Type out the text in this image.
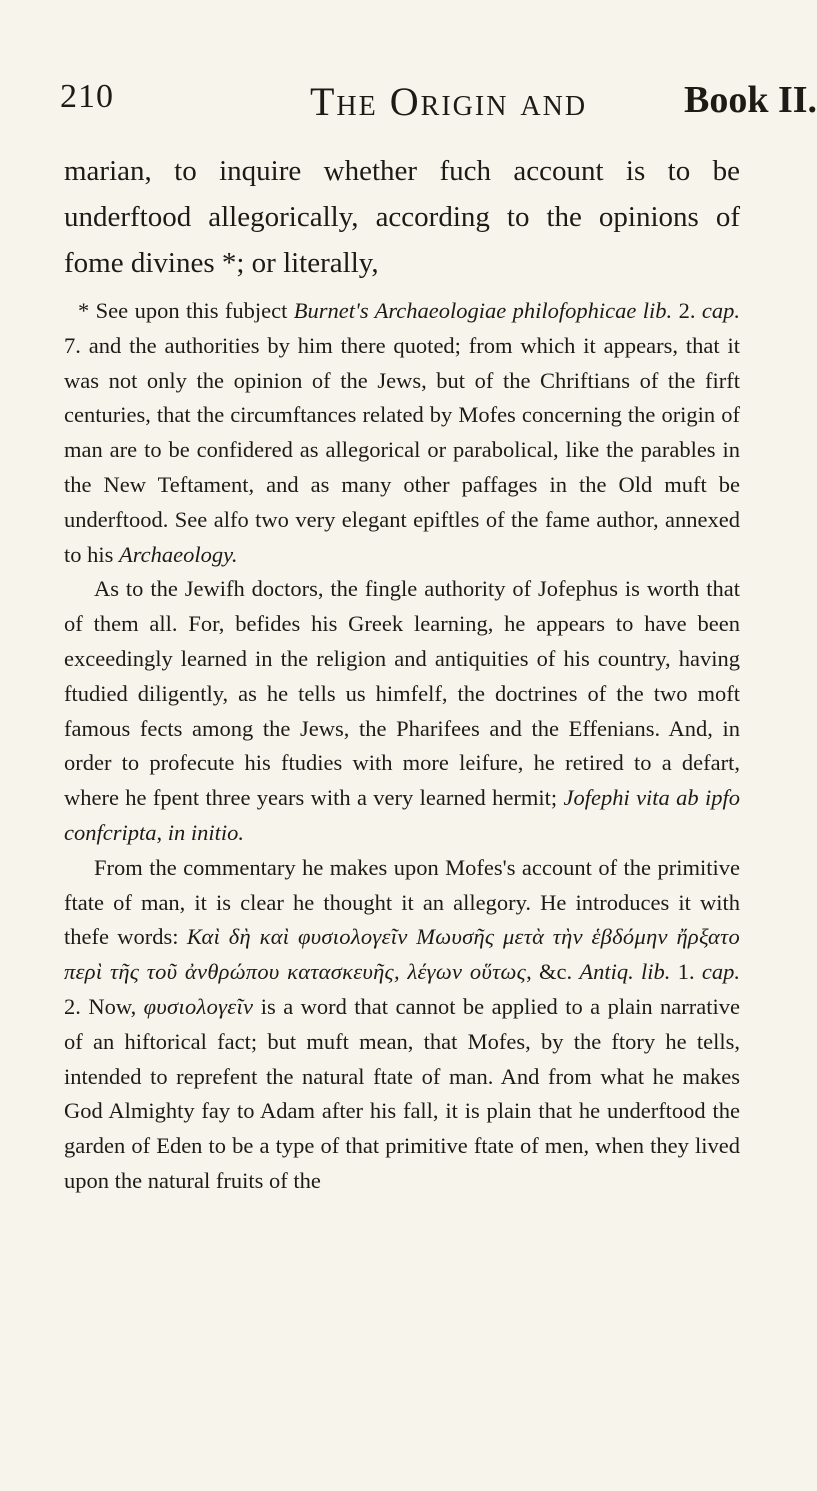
210	The Origin and	Book II.
marian, to inquire whether fuch account is to be underftood allegorically, according to the opinions of fome divines *; or literally,

* See upon this fubject Burnet's Archaeologiae philofophicae lib. 2. cap. 7. and the authorities by him there quoted; from which it appears, that it was not only the opinion of the Jews, but of the Chriftians of the firft centuries, that the circumftances related by Mofes concerning the origin of man are to be confidered as allegorical or parabolical, like the parables in the New Teftament, and as many other paffages in the Old muft be underftood. See alfo two very elegant epiftles of the fame author, annexed to his Archaeology.

As to the Jewifh doctors, the fingle authority of Jofephus is worth that of them all. For, befides his Greek learning, he appears to have been exceedingly learned in the religion and antiquities of his country, having ftudied diligently, as he tells us himfelf, the doctrines of the two moft famous fects among the Jews, the Pharifees and the Effenians. And, in order to profecute his ftudies with more leifure, he retired to a defart, where he fpent three years with a very learned hermit; Jofephi vita ab ipfo confcripta, in initio.

From the commentary he makes upon Mofes's account of the primitive ftate of man, it is clear he thought it an allegory. He introduces it with thefe words: Καὶ δὴ καὶ φυσιολογεῖν Μωυσῆς μετὰ τὴν ἑβδόμην ἤρξατο περὶ τῆς τοῦ ἀνθρώπου κατασκευῆς, λέγων οὕτως, &c. Antiq. lib. 1. cap. 2. Now, φυσιολογεῖν is a word that cannot be applied to a plain narrative of an hiftorical fact; but muft mean, that Mofes, by the ftory he tells, intended to reprefent the natural ftate of man. And from what he makes God Almighty fay to Adam after his fall, it is plain that he underftood the garden of Eden to be a type of that primitive ftate of men, when they lived upon the natural fruits of the
